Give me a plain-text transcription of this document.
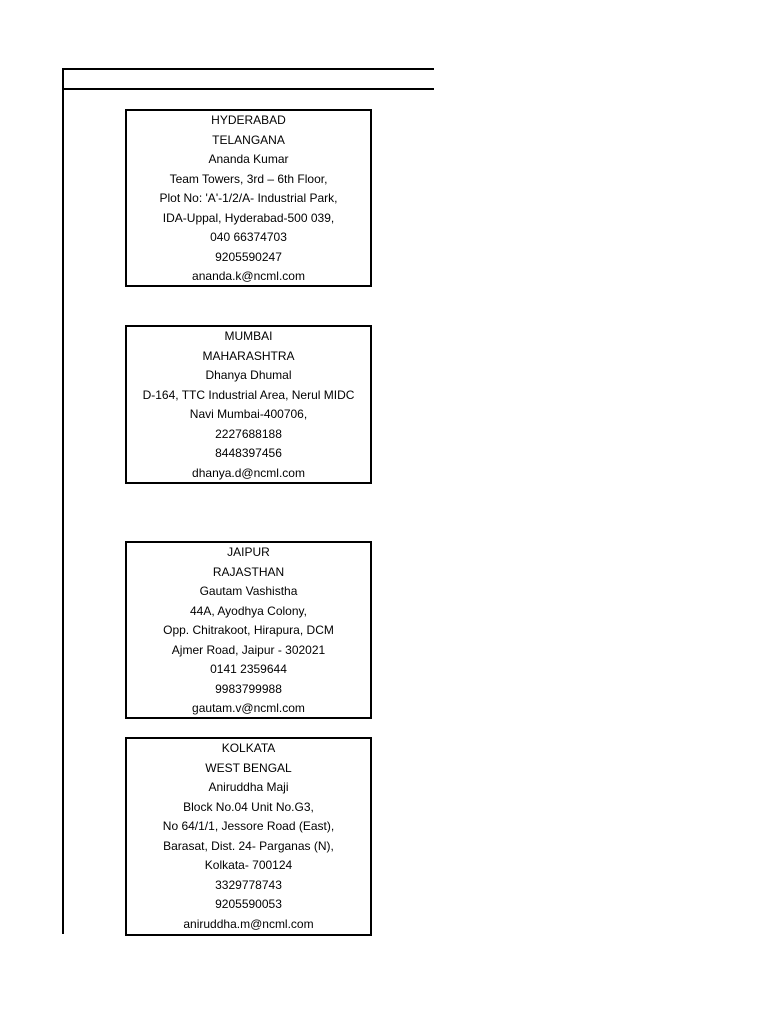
HYDERABAD
TELANGANA
Ananda Kumar
Team Towers, 3rd – 6th Floor,
Plot No: 'A'-1/2/A- Industrial Park,
IDA-Uppal, Hyderabad-500 039,
040 66374703
9205590247
ananda.k@ncml.com
MUMBAI
MAHARASHTRA
Dhanya Dhumal
D-164, TTC Industrial Area, Nerul MIDC
Navi Mumbai-400706,
2227688188
8448397456
dhanya.d@ncml.com
JAIPUR
RAJASTHAN
Gautam Vashistha
44A, Ayodhya Colony,
Opp. Chitrakoot, Hirapura, DCM
Ajmer Road, Jaipur - 302021
0141 2359644
9983799988
gautam.v@ncml.com
KOLKATA
WEST BENGAL
Aniruddha Maji
Block No.04 Unit No.G3,
No 64/1/1, Jessore Road (East),
Barasat, Dist. 24- Parganas (N),
Kolkata- 700124
3329778743
9205590053
aniruddha.m@ncml.com
